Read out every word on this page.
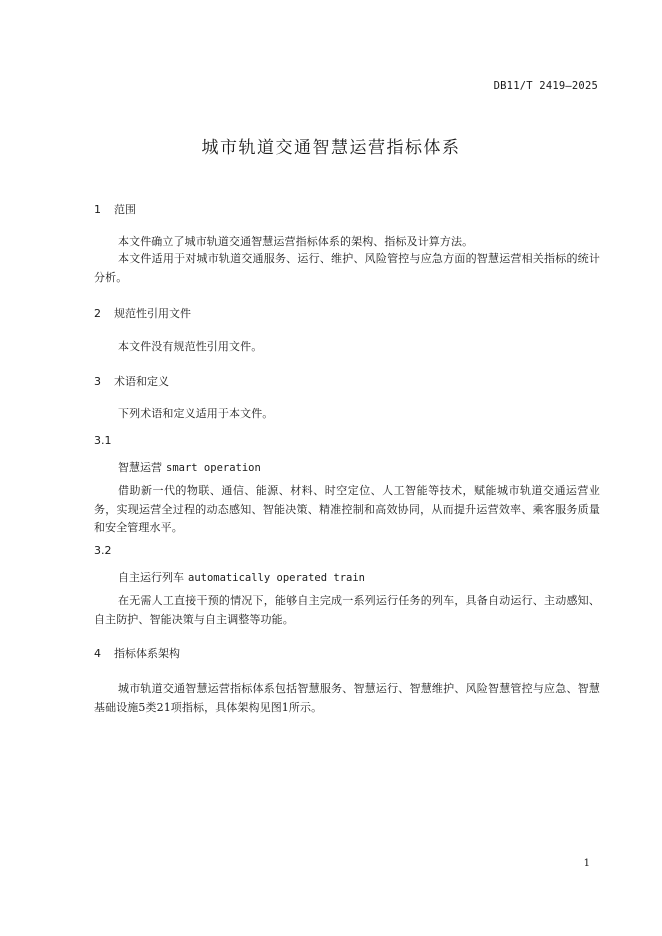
DB11/T 2419—2025
城市轨道交通智慧运营指标体系
1 范围
本文件确立了城市轨道交通智慧运营指标体系的架构、指标及计算方法。
本文件适用于对城市轨道交通服务、运行、维护、风险管控与应急方面的智慧运营相关指标的统计分析。
2 规范性引用文件
本文件没有规范性引用文件。
3 术语和定义
下列术语和定义适用于本文件。
3.1
智慧运营 smart operation
借助新一代的物联、通信、能源、材料、时空定位、人工智能等技术，赋能城市轨道交通运营业务，实现运营全过程的动态感知、智能决策、精准控制和高效协同，从而提升运营效率、乘客服务质量和安全管理水平。
3.2
自主运行列车 automatically operated train
在无需人工直接干预的情况下，能够自主完成一系列运行任务的列车，具备自动运行、主动感知、自主防护、智能决策与自主调整等功能。
4 指标体系架构
城市轨道交通智慧运营指标体系包括智慧服务、智慧运行、智慧维护、风险智慧管控与应急、智慧基础设施5类21项指标，具体架构见图1所示。
1
